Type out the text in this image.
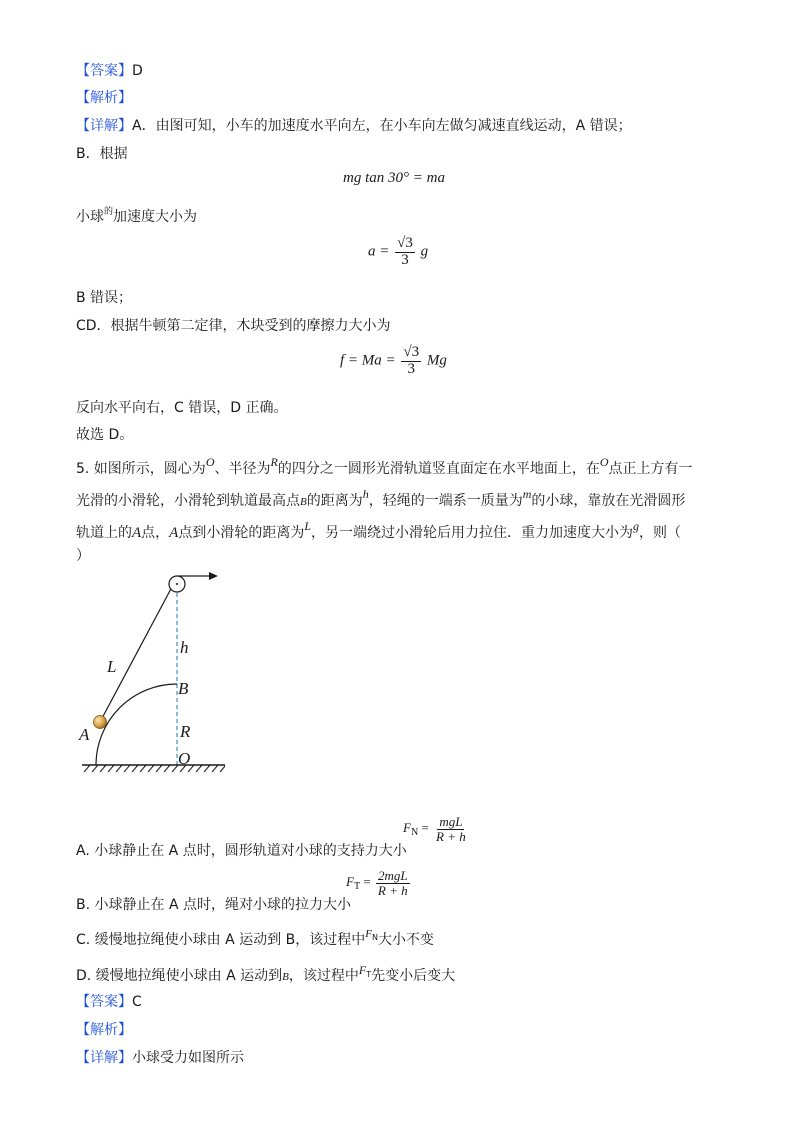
【答案】D
【解析】
【详解】A．由图可知，小车的加速度水平向左，在小车向左做匀减速直线运动，A 错误；
B．根据
mg tan 30° = ma
小球$^的$加速度大小为
$a = \frac{√3}{3}$ g
B 错误；
CD．根据牛顿第二定律，木块受到的摩擦力大小为
$f = Ma = \frac{√3}{3}$ Mg
反向水平向右，C 错误，D 正确。
故选 D。
5. 如图所示，圆心为O、半径为R的四分之一圆形光滑轨道竖直面定在水平地面上，在O点正上方有一
光滑的小滑轮，小滑轮到轨道最高点B的距离为h，轻绳的一端系一质量为m的小球，靠放在光滑圆形
轨道上的A点，A点到小滑轮的距离为L，另一端绕过小滑轮后用力拉住．重力加速度大小为g，则（
）
L
h
B
A	R
O
A. 小球静止在 A 点时，圆形轨道对小球的支持力大小
$F_N = \frac{\text{mgL}}{R + h}$
B. 小球静止在 A 点时，绳对小球的拉力大小
$F_T = \frac{\text{2mgL}}{R + h}$
C. 缓慢地拉绳使小球由 A 运动到 B，该过程中$^{FN}$大小不变
D. 缓慢地拉绳使小球由 A 运动到B，该过程中$F^T$先变小后变大
【答案】C
【解析】
【详解】小球受力如图所示
